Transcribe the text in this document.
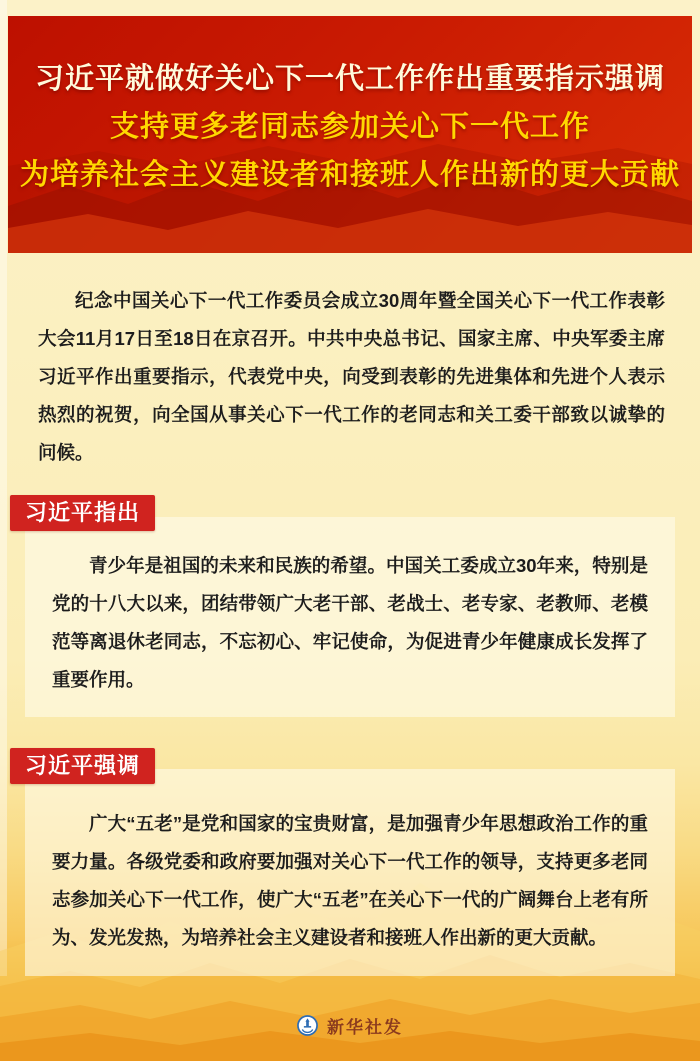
习近平就做好关心下一代工作作出重要指示强调
支持更多老同志参加关心下一代工作
为培养社会主义建设者和接班人作出新的更大贡献

纪念中国关心下一代工作委员会成立30周年暨全国关心下一代工作表彰大会11月17日至18日在京召开。中共中央总书记、国家主席、中央军委主席习近平作出重要指示，代表党中央，向受到表彰的先进集体和先进个人表示热烈的祝贺，向全国从事关心下一代工作的老同志和关工委干部致以诚挚的问候。

习近平指出

青少年是祖国的未来和民族的希望。中国关工委成立30年来，特别是党的十八大以来，团结带领广大老干部、老战士、老专家、老教师、老模范等离退休老同志，不忘初心、牢记使命，为促进青少年健康成长发挥了重要作用。

习近平强调

广大“五老”是党和国家的宝贵财富，是加强青少年思想政治工作的重要力量。各级党委和政府要加强对关心下一代工作的领导，支持更多老同志参加关心下一代工作，使广大“五老”在关心下一代的广阔舞台上老有所为、发光发热，为培养社会主义建设者和接班人作出新的更大贡献。

新华社发
